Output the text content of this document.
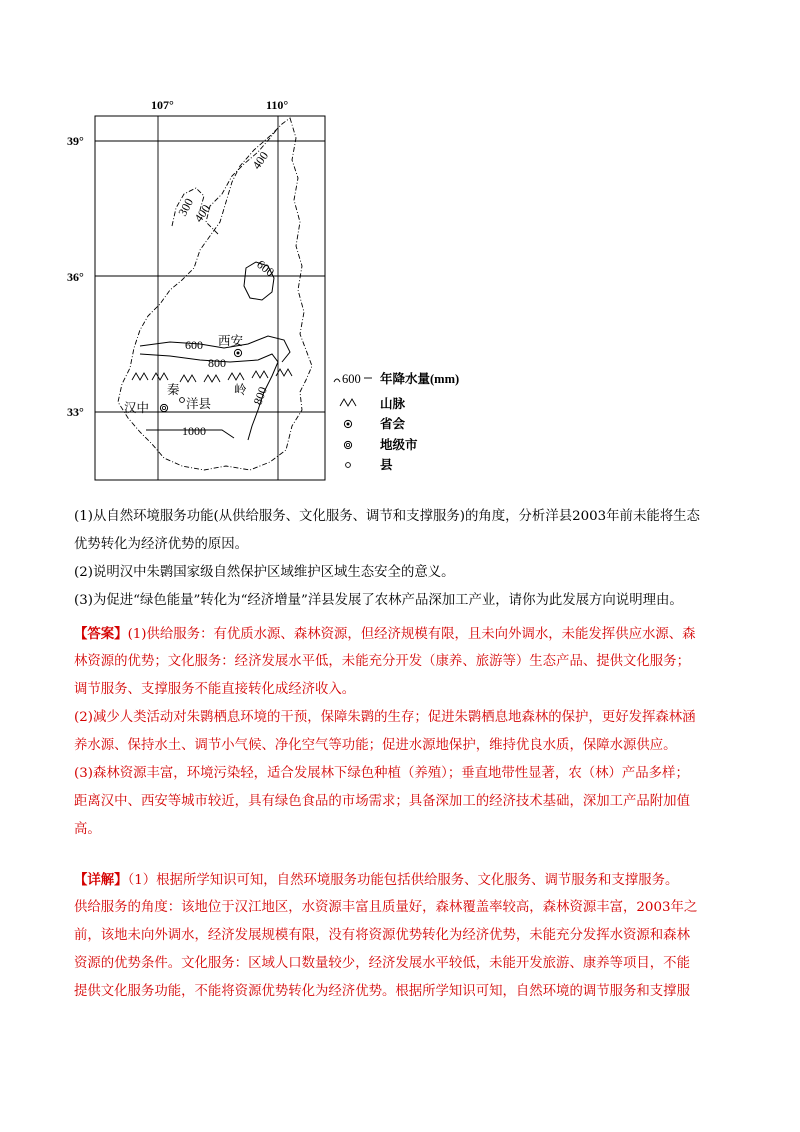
107°	110°
39°
36°
33°
300
400
400
600
600
800
800
1000
西安
秦	岭
汉中	洋县
600 年降水量(mm)
山脉
省会
地级市
县
(1)从自然环境服务功能(从供给服务、文化服务、调节和支撑服务)的角度，分析洋县2003年前未能将生态
优势转化为经济优势的原因。
(2)说明汉中朱鹮国家级自然保护区域维护区域生态安全的意义。
(3)为促进“绿色能量”转化为“经济增量”洋县发展了农林产品深加工产业，请你为此发展方向说明理由。
【答案】(1)供给服务：有优质水源、森林资源，但经济规模有限，且未向外调水，未能发挥供应水源、森
林资源的优势；文化服务：经济发展水平低，未能充分开发（康养、旅游等）生态产品、提供文化服务；
调节服务、支撑服务不能直接转化成经济收入。
(2)减少人类活动对朱鹮栖息环境的干预，保障朱鹮的生存；促进朱鹮栖息地森林的保护，更好发挥森林涵
养水源、保持水土、调节小气候、净化空气等功能；促进水源地保护，维持优良水质，保障水源供应。
(3)森林资源丰富，环境污染轻，适合发展林下绿色种植（养殖）；垂直地带性显著，农（林）产品多样；
距离汉中、西安等城市较近，具有绿色食品的市场需求；具备深加工的经济技术基础，深加工产品附加值
高。
【详解】（1）根据所学知识可知，自然环境服务功能包括供给服务、文化服务、调节服务和支撑服务。
供给服务的角度：该地位于汉江地区，水资源丰富且质量好，森林覆盖率较高，森林资源丰富，2003年之
前，该地未向外调水，经济发展规模有限，没有将资源优势转化为经济优势，未能充分发挥水资源和森林
资源的优势条件。文化服务：区域人口数量较少，经济发展水平较低，未能开发旅游、康养等项目，不能
提供文化服务功能，不能将资源优势转化为经济优势。根据所学知识可知，自然环境的调节服务和支撑服
